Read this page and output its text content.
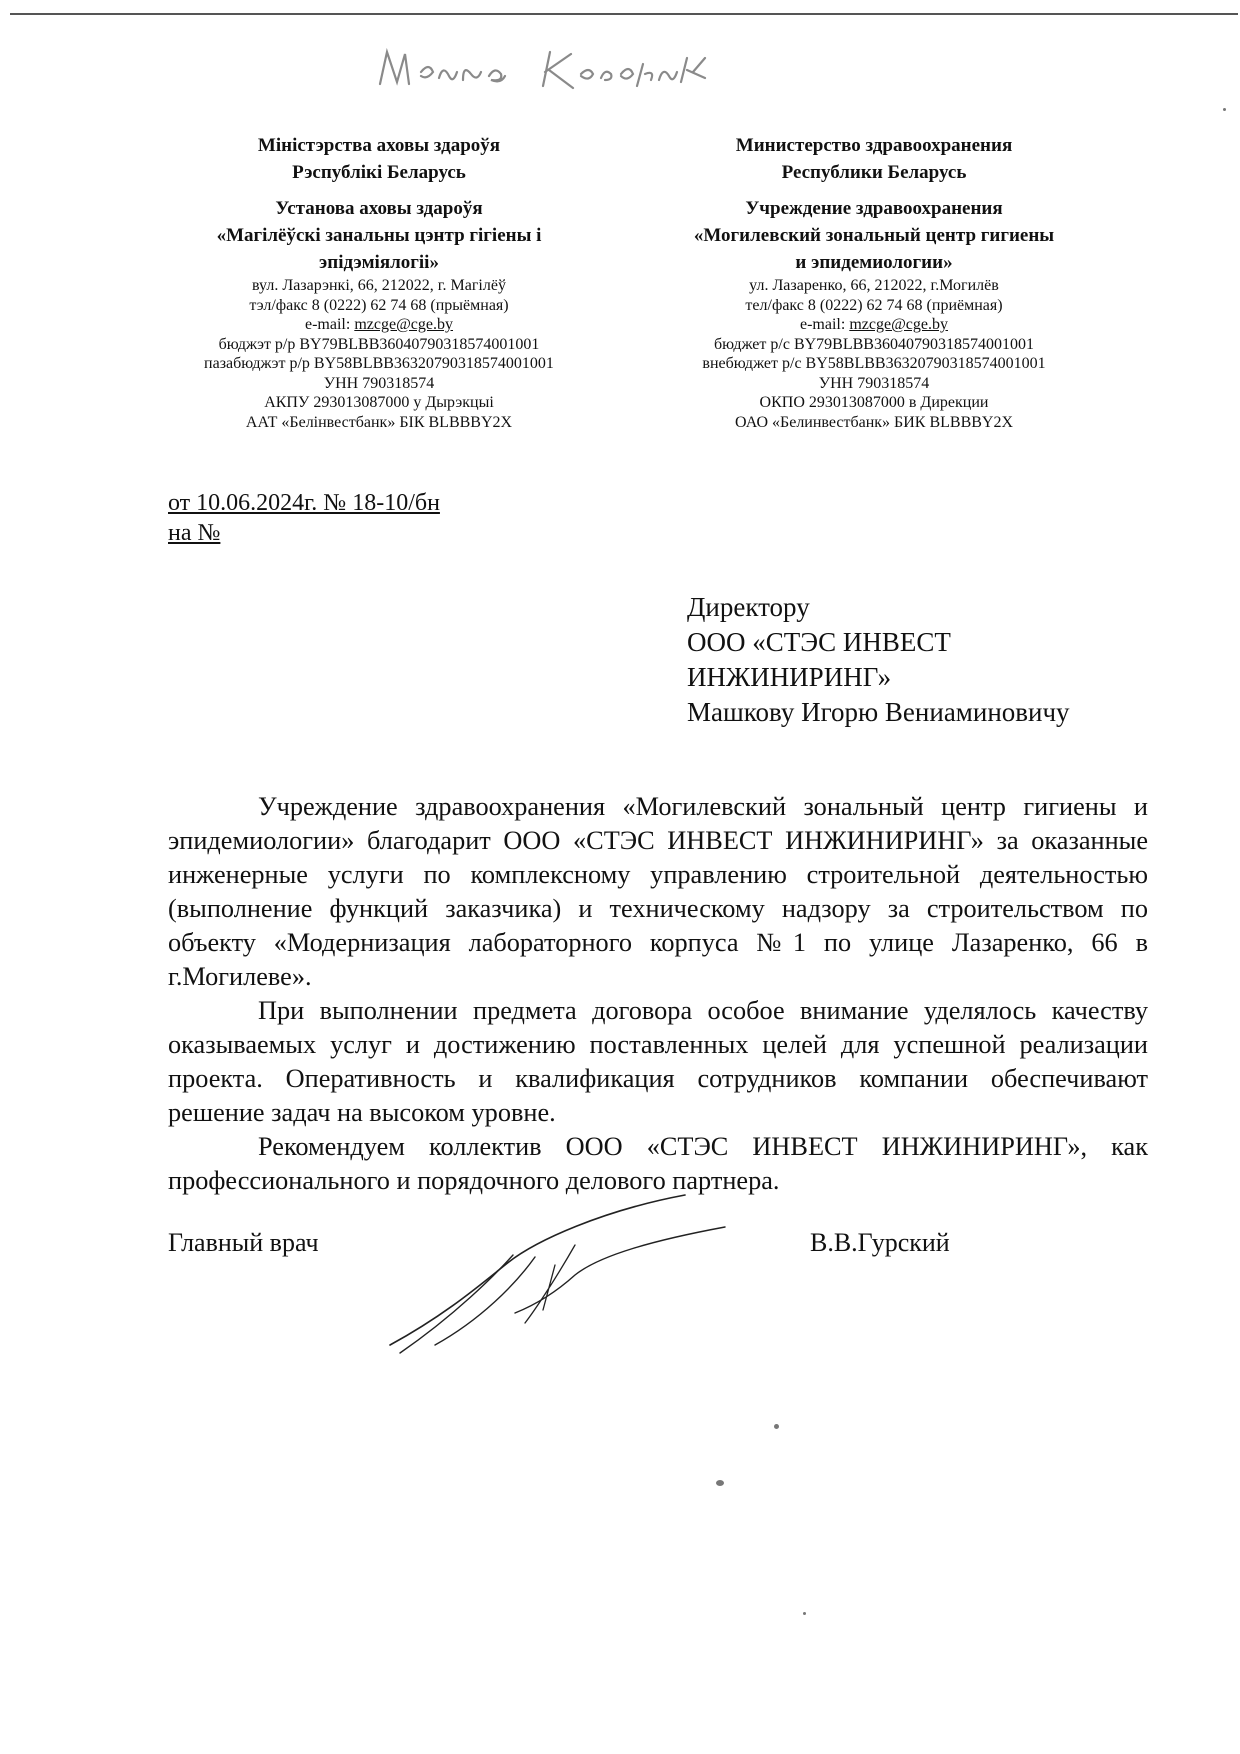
Міністэрства аховы здароўя
Рэспублікі Беларусь
Установа аховы здароўя
«Магілёўскі занальны цэнтр гігіены і
эпідэміялогіі»
вул. Лазарэнкі, 66, 212022, г. Магілёў
тэл/факс 8 (0222) 62 74 68 (прыёмная)
e-mail: mzcge@cge.by
бюджэт р/р BY79BLBB36040790318574001001
пазабюджэт р/р BY58BLBB36320790318574001001
УНН 790318574
АКПУ 293013087000 у Дырэкцыі
ААТ «Белінвестбанк» БІК BLBBBY2X
Министерство здравоохранения
Республики Беларусь
Учреждение здравоохранения
«Могилевский зональный центр гигиены
и эпидемиологии»
ул. Лазаренко, 66, 212022, г.Могилёв
тел/факс 8 (0222) 62 74 68 (приёмная)
e-mail: mzcge@cge.by
бюджет р/с BY79BLBB36040790318574001001
внебюджет р/с BY58BLBB36320790318574001001
УНН 790318574
ОКПО 293013087000 в Дирекции
ОАО «Белинвестбанк» БИК BLBBBY2X
от 10.06.2024г. № 18-10/бн
на №
Директору
ООО «СТЭС ИНВЕСТ
ИНЖИНИРИНГ»
Машкову Игорю Вениаминовичу

Учреждение здравоохранения «Могилевский зональный центр гигиены и эпидемиологии» благодарит ООО «СТЭС ИНВЕСТ ИНЖИНИРИНГ» за оказанные инженерные услуги по комплексному управлению строительной деятельностью (выполнение функций заказчика) и техническому надзору за строительством по объекту «Модернизация лабораторного корпуса №1 по улице Лазаренко, 66 в г.Могилеве».

При выполнении предмета договора особое внимание уделялось качеству оказываемых услуг и достижению поставленных целей для успешной реализации проекта. Оперативность и квалификация сотрудников компании обеспечивают решение задач на высоком уровне.

Рекомендуем коллектив ООО «СТЭС ИНВЕСТ ИНЖИНИРИНГ», как профессионального и порядочного делового партнера.

Главный врач	В.В.Гурский
